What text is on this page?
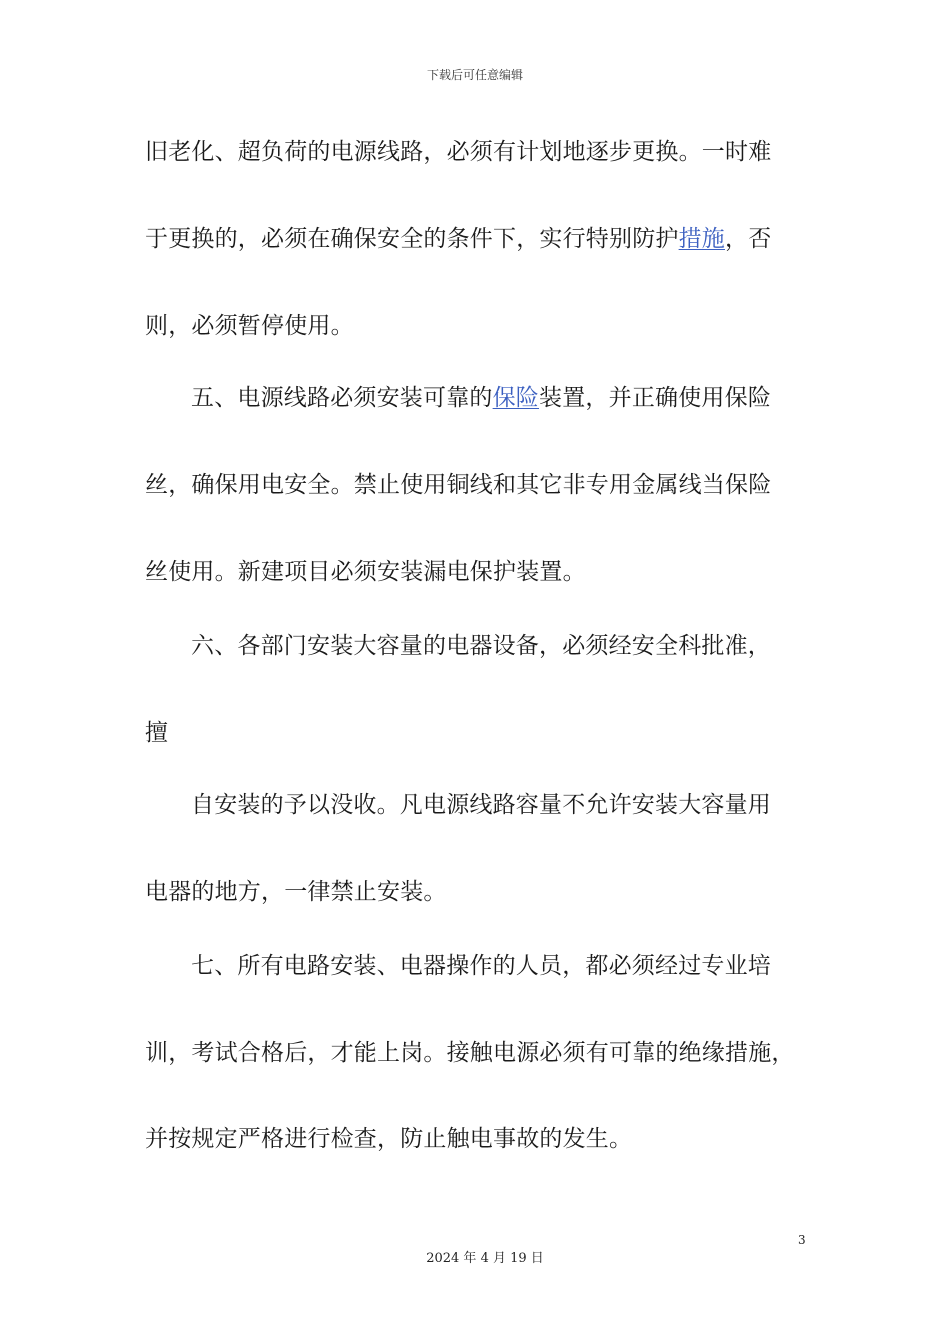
下载后可任意编辑
旧老化、超负荷的电源线路，必须有计划地逐步更换。一时难
于更换的，必须在确保安全的条件下，实行特别防护措施，否
则，必须暂停使用。
五、电源线路必须安装可靠的保险装置，并正确使用保险
丝，确保用电安全。禁止使用铜线和其它非专用金属线当保险
丝使用。新建项目必须安装漏电保护装置。
六、各部门安装大容量的电器设备，必须经安全科批准，
擅
自安装的予以没收。凡电源线路容量不允许安装大容量用
电器的地方，一律禁止安装。
七、所有电路安装、电器操作的人员，都必须经过专业培
训，考试合格后，才能上岗。接触电源必须有可靠的绝缘措施，
并按规定严格进行检查，防止触电事故的发生。
3
2024 年 4 月 19 日
